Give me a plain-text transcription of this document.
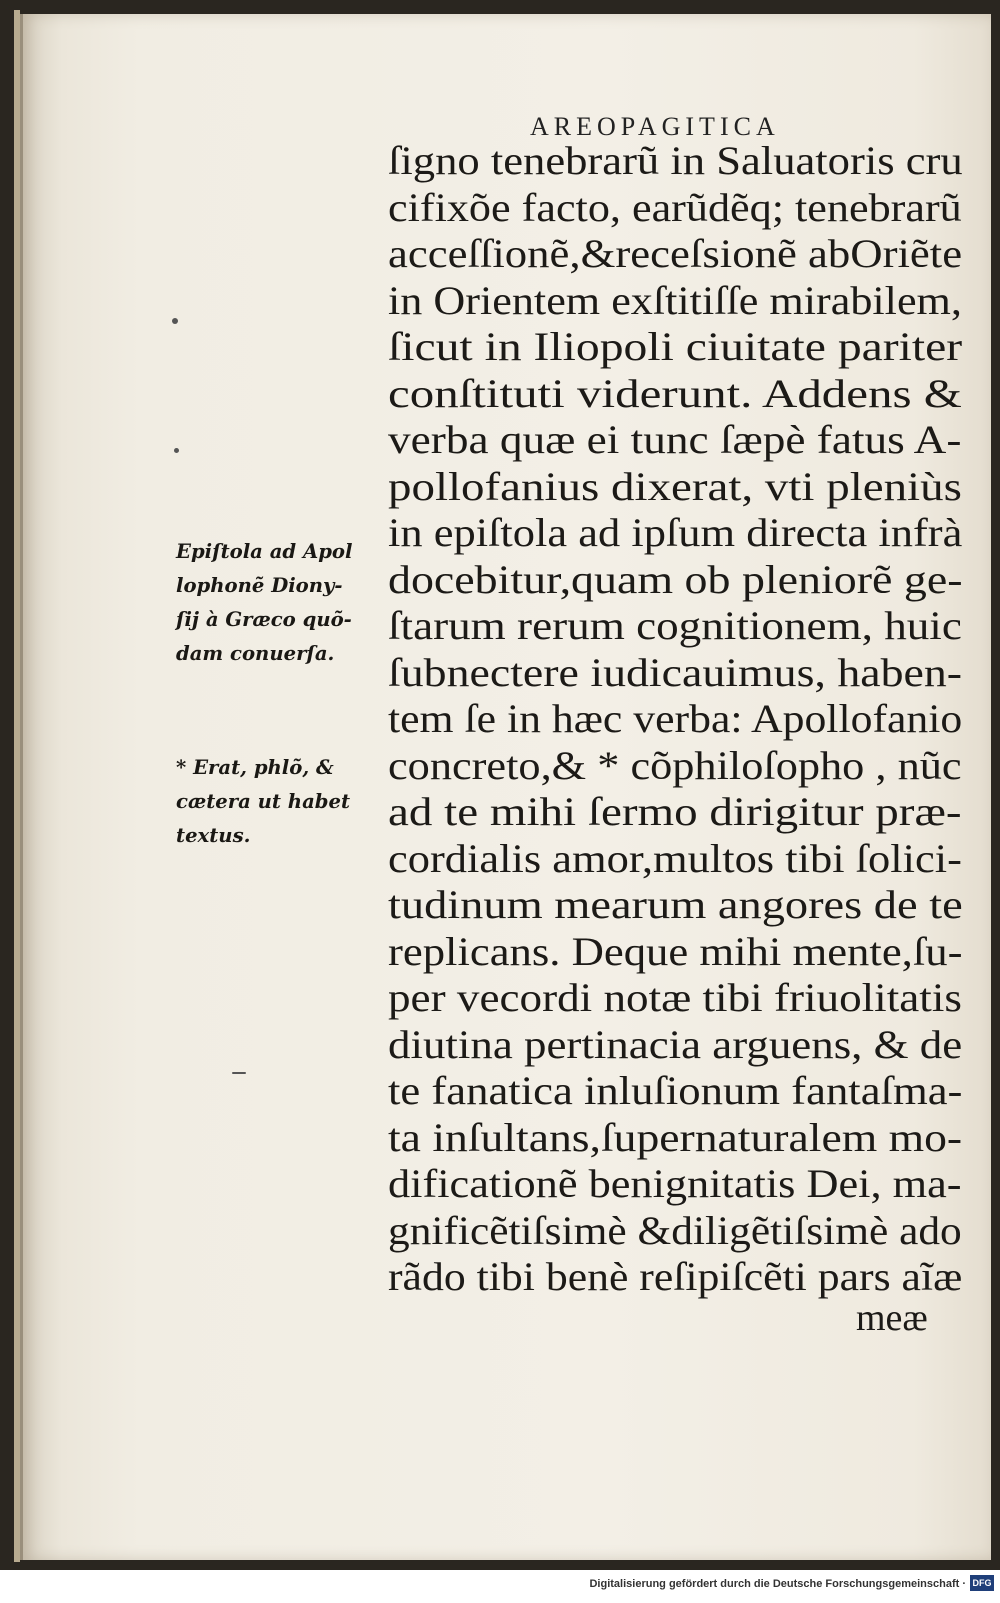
AREOPAGITICA
ſigno tenebrarũ in Saluatoris cru
cifixõe facto, earũdẽq; tenebrarũ
acceſſionẽ,&receſsionẽ abOriẽte
in Orientem exſtitiſſe mirabilem,
ſicut in Iliopoli ciuitate pariter
conſtituti viderunt. Addens &
verba quæ ei tunc ſæpè fatus A-
pollofanius dixerat, vti pleniùs
in epiſtola ad ipſum directa infrà
docebitur,quam ob pleniorẽ ge-
ſtarum rerum cognitionem, huic
ſubnectere iudicauimus, haben-
tem ſe in hæc verba: Apollofanio
concreto,& * cõphiloſopho , nũc
ad te mihi ſermo dirigitur præ-
cordialis amor,multos tibi ſolici-
tudinum mearum angores de te
replicans. Deque mihi mente,ſu-
per vecordi notæ tibi friuolitatis
diutina pertinacia arguens, & de
te fanatica inluſionum fantaſma-
ta inſultans,ſupernaturalem mo-
dificationẽ benignitatis Dei, ma-
gnificẽtiſsimè &diligẽtiſsimè ado
rãdo tibi benè reſipiſcẽti pars aĩæ
meæ
Epiſtola ad Apol
lophonẽ Diony-
ſij à Græco quõ-
dam conuerſa.
* Erat, phlõ, &
cætera ut habet
textus.
Digitalisierung gefördert durch die Deutsche Forschungsgemeinschaft · DFG
